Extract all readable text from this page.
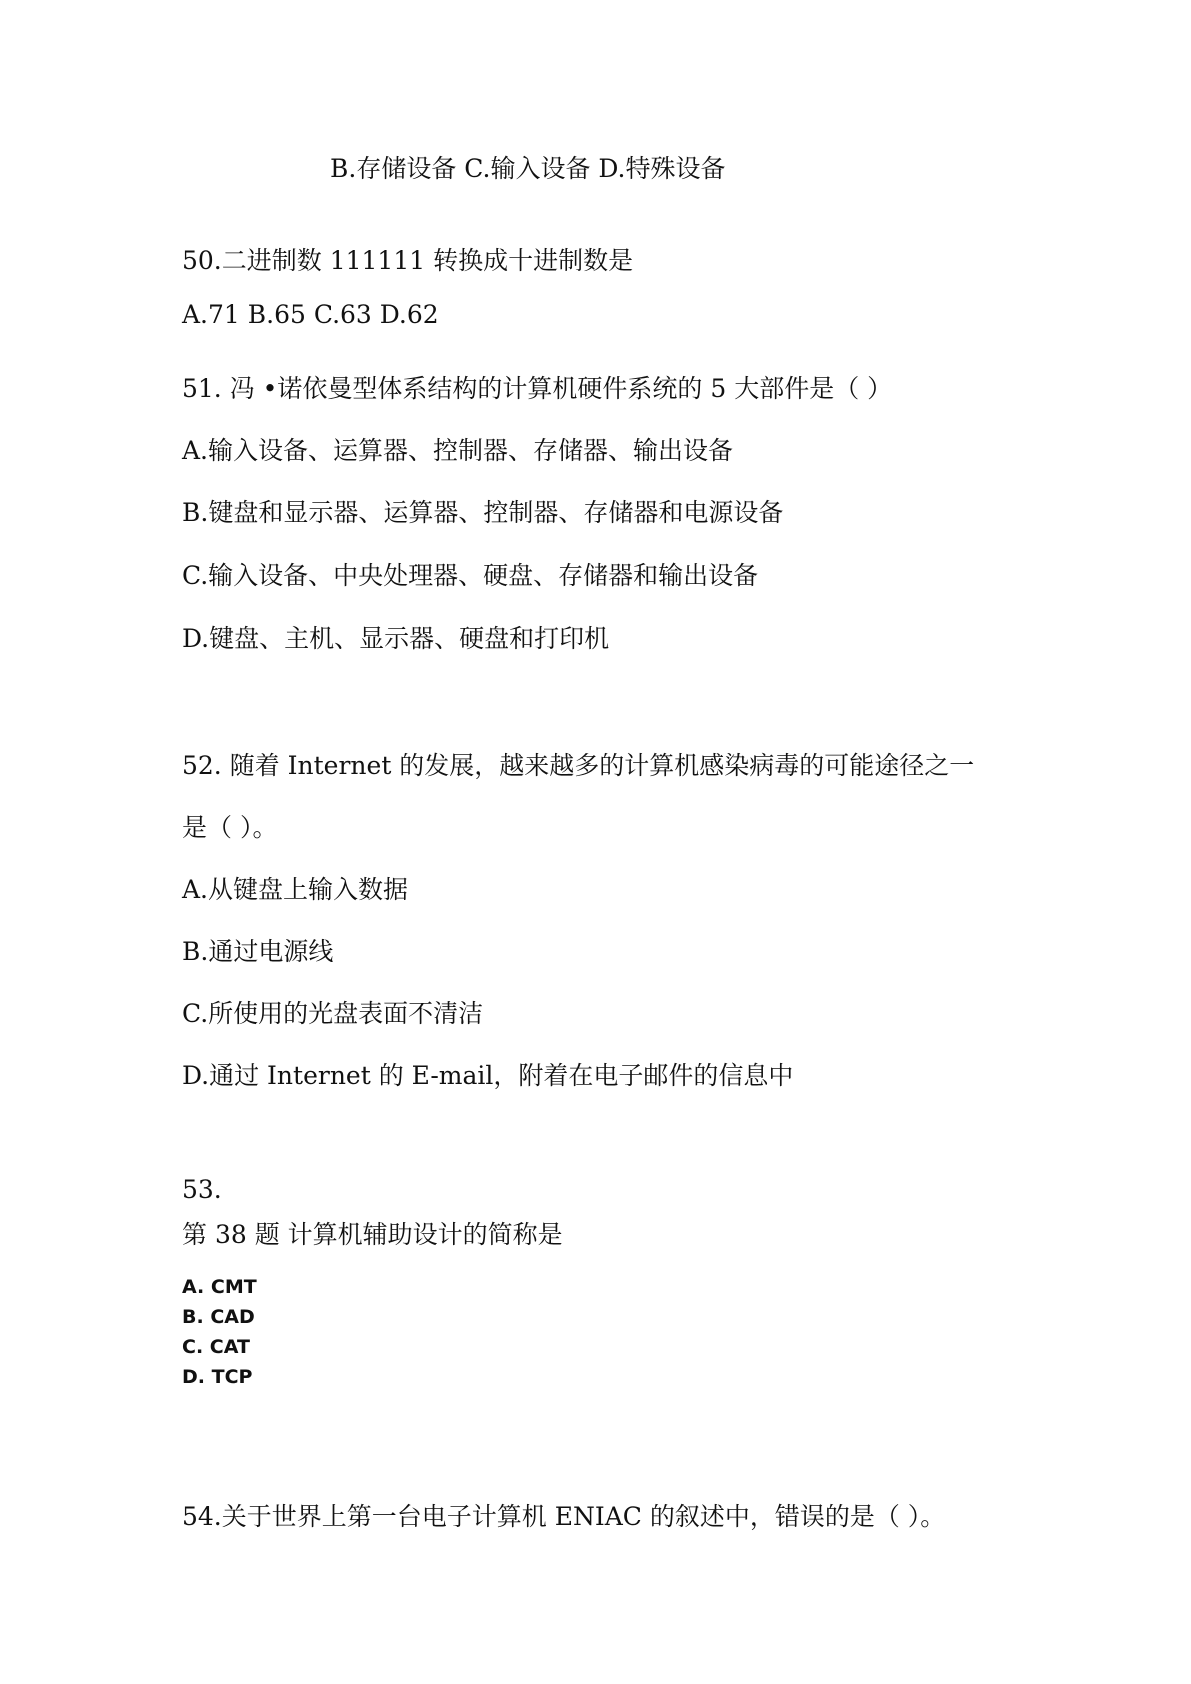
B.存储设备 C.输入设备 D.特殊设备
50.二进制数 111111 转换成十进制数是
A.71 B.65 C.63 D.62
51. 冯 •诺依曼型体系结构的计算机硬件系统的 5 大部件是（ ）
A.输入设备、运算器、控制器、存储器、输出设备
B.键盘和显示器、运算器、控制器、存储器和电源设备
C.输入设备、中央处理器、硬盘、存储器和输出设备
D.键盘、主机、显示器、硬盘和打印机
52. 随着 Internet 的发展，越来越多的计算机感染病毒的可能途径之一
是（ ）。
A.从键盘上输入数据
B.通过电源线
C.所使用的光盘表面不清洁
D.通过 Internet 的 E-mail，附着在电子邮件的信息中
53.
第 38 题 计算机辅助设计的简称是
A. CMT
B. CAD
C. CAT
D. TCP
54.关于世界上第一台电子计算机 ENIAC 的叙述中，错误的是（ ）。
